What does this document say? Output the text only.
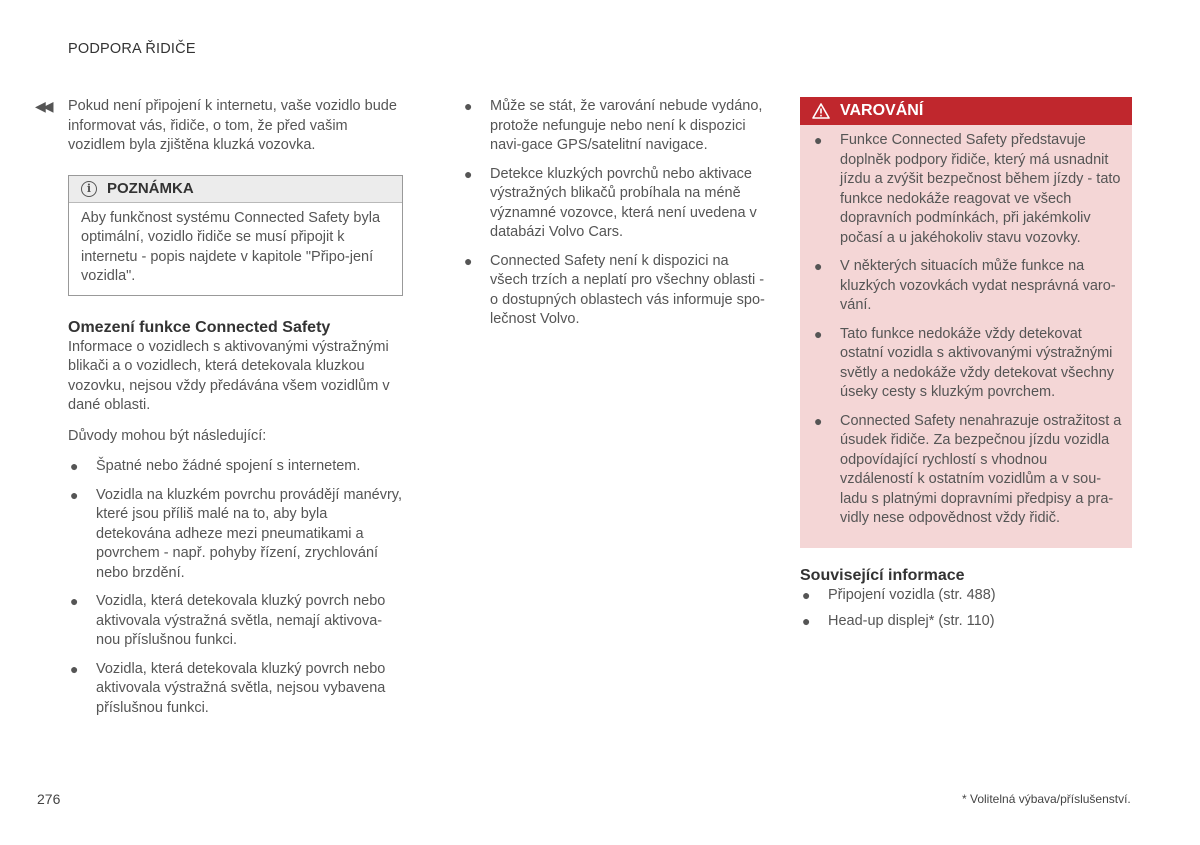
PODPORA ŘIDIČE
◀◀ Pokud není připojení k internetu, vaše vozidlo bude informovat vás, řidiče, o tom, že před vašim vozidlem byla zjištěna kluzká vozovka.

i	POZNÁMKA
Aby funkčnost systému Connected Safety byla optimální, vozidlo řidiče se musí připojit k internetu - popis najdete v kapitole "Připo-jení vozidla".
Omezení funkce Connected Safety

Informace o vozidlech s aktivovanými výstražnými blikači a o vozidlech, která detekovala kluzkou vozovku, nejsou vždy předávána všem vozidlům v dané oblasti.

Důvody mohou být následující:

● Špatné nebo žádné spojení s internetem.
● Vozidla na kluzkém povrchu provádějí manévry, které jsou příliš malé na to, aby byla detekována adheze mezi pneumatikami a povrchem - např. pohyby řízení, zrychlování nebo brzdění.
● Vozidla, která detekovala kluzký povrch nebo aktivovala výstražná světla, nemají aktivova-nou příslušnou funkci.
● Vozidla, která detekovala kluzký povrch nebo aktivovala výstražná světla, nejsou vybavena příslušnou funkci.
● Může se stát, že varování nebude vydáno, protože nefunguje nebo není k dispozici navi-gace GPS/satelitní navigace.
● Detekce kluzkých povrchů nebo aktivace výstražných blikačů probíhala na méně významné vozovce, která není uvedena v databázi Volvo Cars.
● Connected Safety není k dispozici na všech trzích a neplatí pro všechny oblasti - o dostupných oblastech vás informuje spo-lečnost Volvo.
VAROVÁNÍ
● Funkce Connected Safety představuje doplněk podpory řidiče, který má usnadnit jízdu a zvýšit bezpečnost během jízdy - tato funkce nedokáže reagovat ve všech dopravních podmínkách, při jakémkoliv počasí a u jakéhokoliv stavu vozovky.
● V některých situacích může funkce na kluzkých vozovkách vydat nesprávná varo-vání.
● Tato funkce nedokáže vždy detekovat ostatní vozidla s aktivovanými výstražnými světly a nedokáže vždy detekovat všechny úseky cesty s kluzkým povrchem.
● Connected Safety nenahrazuje ostražitost a úsudek řidiče. Za bezpečnou jízdu vozidla odpovídající rychlostí s vhodnou vzdáleností k ostatním vozidlům a v sou-ladu s platnými dopravními předpisy a pra-vidly nese odpovědnost vždy řidič.
Související informace
● Připojení vozidla (str. 488)
● Head-up displej* (str. 110)
276	* Volitelná výbava/příslušenství.
